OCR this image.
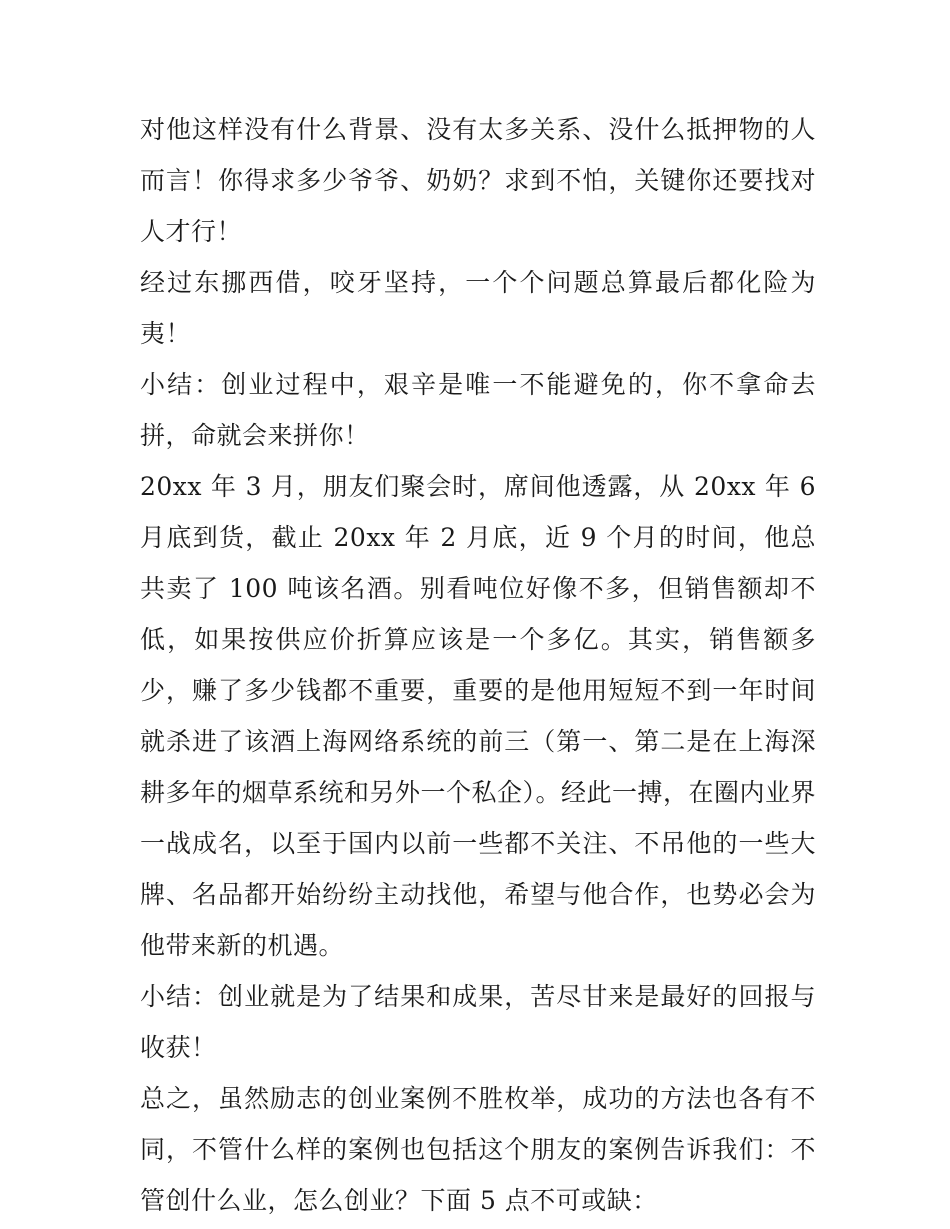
对他这样没有什么背景、没有太多关系、没什么抵押物的人而言！你得求多少爷爷、奶奶？求到不怕，关键你还要找对人才行！

经过东挪西借，咬牙坚持，一个个问题总算最后都化险为夷！

小结：创业过程中，艰辛是唯一不能避免的，你不拿命去拼，命就会来拼你！

20xx 年 3 月，朋友们聚会时，席间他透露，从 20xx 年 6 月底到货，截止 20xx 年 2 月底，近 9 个月的时间，他总共卖了 100 吨该名酒。别看吨位好像不多，但销售额却不低，如果按供应价折算应该是一个多亿。其实，销售额多少，赚了多少钱都不重要，重要的是他用短短不到一年时间就杀进了该酒上海网络系统的前三（第一、第二是在上海深耕多年的烟草系统和另外一个私企）。经此一搏，在圈内业界一战成名，以至于国内以前一些都不关注、不吊他的一些大牌、名品都开始纷纷主动找他，希望与他合作，也势必会为他带来新的机遇。

小结：创业就是为了结果和成果，苦尽甘来是最好的回报与收获！

总之，虽然励志的创业案例不胜枚举，成功的方法也各有不同，不管什么样的案例也包括这个朋友的案例告诉我们：不管创什么业，怎么创业？下面 5 点不可或缺：
